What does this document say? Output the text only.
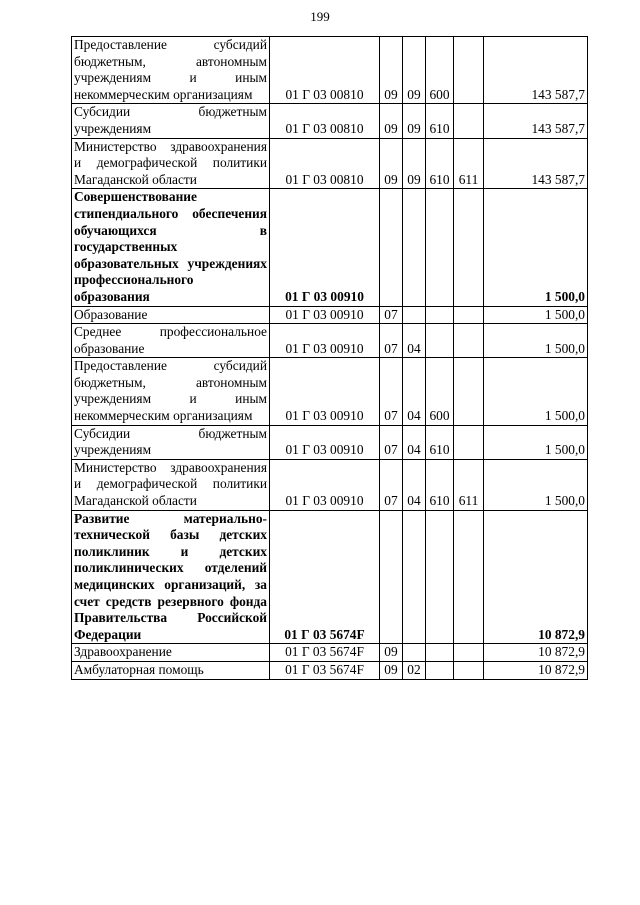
199
Предоставление субсидий бюджетным, автономным учреждениям и иным некоммерческим организациям	01 Г 03 00810	09	09	600		143 587,7
Субсидии бюджетным учреждениям	01 Г 03 00810	09	09	610		143 587,7
Министерство здравоохранения и демографической политики Магаданской области	01 Г 03 00810	09	09	610	611	143 587,7
Совершенствование стипендиального обеспечения обучающихся в государственных образовательных учреждениях профессионального образования	01 Г 03 00910					1 500,0
Образование	01 Г 03 00910	07				1 500,0
Среднее профессиональное образование	01 Г 03 00910	07	04			1 500,0
Предоставление субсидий бюджетным, автономным учреждениям и иным некоммерческим организациям	01 Г 03 00910	07	04	600		1 500,0
Субсидии бюджетным учреждениям	01 Г 03 00910	07	04	610		1 500,0
Министерство здравоохранения и демографической политики Магаданской области	01 Г 03 00910	07	04	610	611	1 500,0
Развитие материально-технической базы детских поликлиник и детских поликлинических отделений медицинских организаций, за счет средств резервного фонда Правительства Российской Федерации	01 Г 03 5674F					10 872,9
Здравоохранение	01 Г 03 5674F	09				10 872,9
Амбулаторная помощь	01 Г 03 5674F	09	02			10 872,9
